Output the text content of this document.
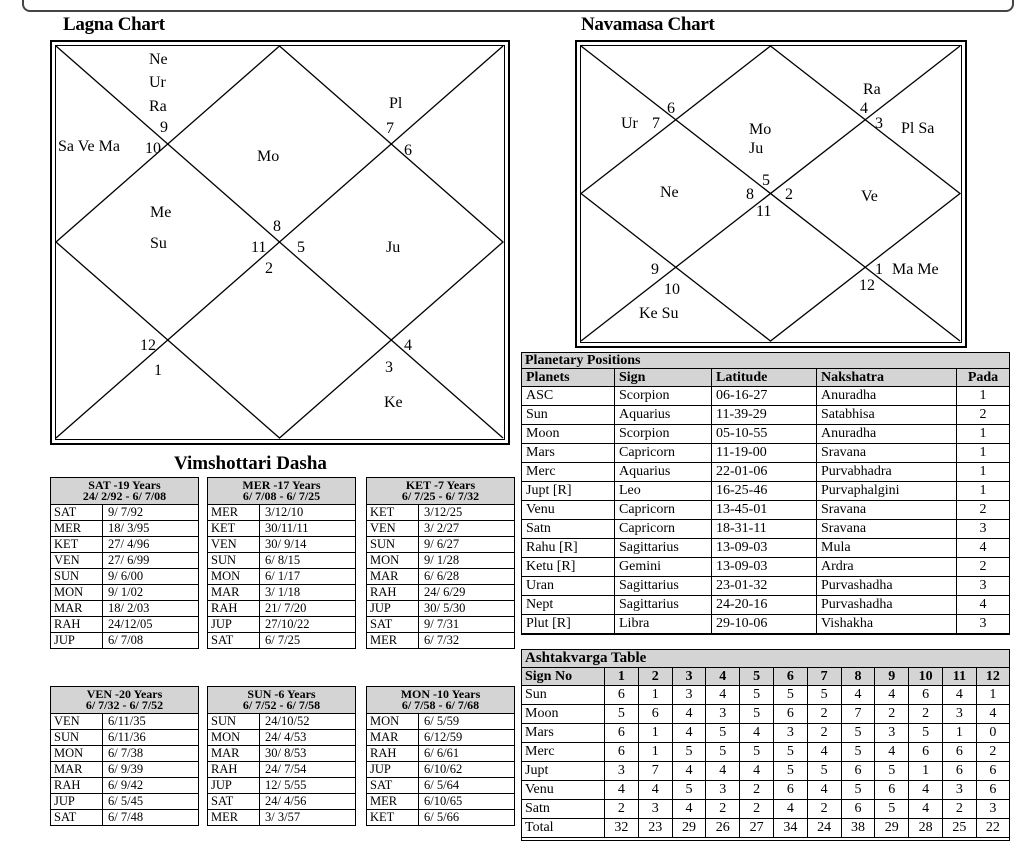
Lagna Chart
Ne
Ur
Ra
9
Sa Ve Ma 10
Pl
7
6
Mo
Me
Su
8
11 5
2
Ju
12
1
4
3
Ke
Navamasa Chart
Ra
4
3 Pl Sa
6
Ur 7	Mo
Ju
5
8 2
11
Ne	Ve
9
10
Ke Su
1 Ma Me
12
Vimshottari Dasha
SAT -19 Years
24/ 2/92 - 6/ 7/08
SAT	9/ 7/92
MER	18/ 3/95
KET	27/ 4/96
VEN	27/ 6/99
SUN	9/ 6/00
MON	9/ 1/02
MAR	18/ 2/03
RAH	24/12/05
JUP	6/ 7/08
MER -17 Years
6/ 7/08 - 6/ 7/25
MER	3/12/10
KET	30/11/11
VEN	30/ 9/14
SUN	6/ 8/15
MON	6/ 1/17
MAR	3/ 1/18
RAH	21/ 7/20
JUP	27/10/22
SAT	6/ 7/25
KET -7 Years
6/ 7/25 - 6/ 7/32
KET	3/12/25
VEN	3/ 2/27
SUN	9/ 6/27
MON	9/ 1/28
MAR	6/ 6/28
RAH	24/ 6/29
JUP	30/ 5/30
SAT	9/ 7/31
MER	6/ 7/32
VEN -20 Years
6/ 7/32 - 6/ 7/52
VEN	6/11/35
SUN	6/11/36
MON	6/ 7/38
MAR	6/ 9/39
RAH	6/ 9/42
JUP	6/ 5/45
SAT	6/ 7/48
SUN -6 Years
6/ 7/52 - 6/ 7/58
SUN	24/10/52
MON	24/ 4/53
MAR	30/ 8/53
RAH	24/ 7/54
JUP	12/ 5/55
SAT	24/ 4/56
MER	3/ 3/57
MON -10 Years
6/ 7/58 - 6/ 7/68
MON	6/ 5/59
MAR	6/12/59
RAH	6/ 6/61
JUP	6/10/62
SAT	6/ 5/64
MER	6/10/65
KET	6/ 5/66
Planetary Positions
Planets	Sign	Latitude	Nakshatra	Pada
ASC	Scorpion	06-16-27	Anuradha	1
Sun	Aquarius	11-39-29	Satabhisa	2
Moon	Scorpion	05-10-55	Anuradha	1
Mars	Capricorn	11-19-00	Sravana	1
Merc	Aquarius	22-01-06	Purvabhadra	1
Jupt [R]	Leo	16-25-46	Purvaphalgini	1
Venu	Capricorn	13-45-01	Sravana	2
Satn	Capricorn	18-31-11	Sravana	3
Rahu [R]	Sagittarius	13-09-03	Mula	4
Ketu [R]	Gemini	13-09-03	Ardra	2
Uran	Sagittarius	23-01-32	Purvashadha	3
Nept	Sagittarius	24-20-16	Purvashadha	4
Plut [R]	Libra	29-10-06	Vishakha	3
Ashtakvarga Table
Sign No	1	2	3	4	5	6	7	8	9	10	11	12
Sun	6	1	3	4	5	5	5	4	4	6	4	1
Moon	5	6	4	3	5	6	2	7	2	2	3	4
Mars	6	1	4	5	4	3	2	5	3	5	1	0
Merc	6	1	5	5	5	5	4	5	4	6	6	2
Jupt	3	7	4	4	4	5	5	6	5	1	6	6
Venu	4	4	5	3	2	6	4	5	6	4	3	6
Satn	2	3	4	2	2	4	2	6	5	4	2	3
Total	32	23	29	26	27	34	24	38	29	28	25	22
